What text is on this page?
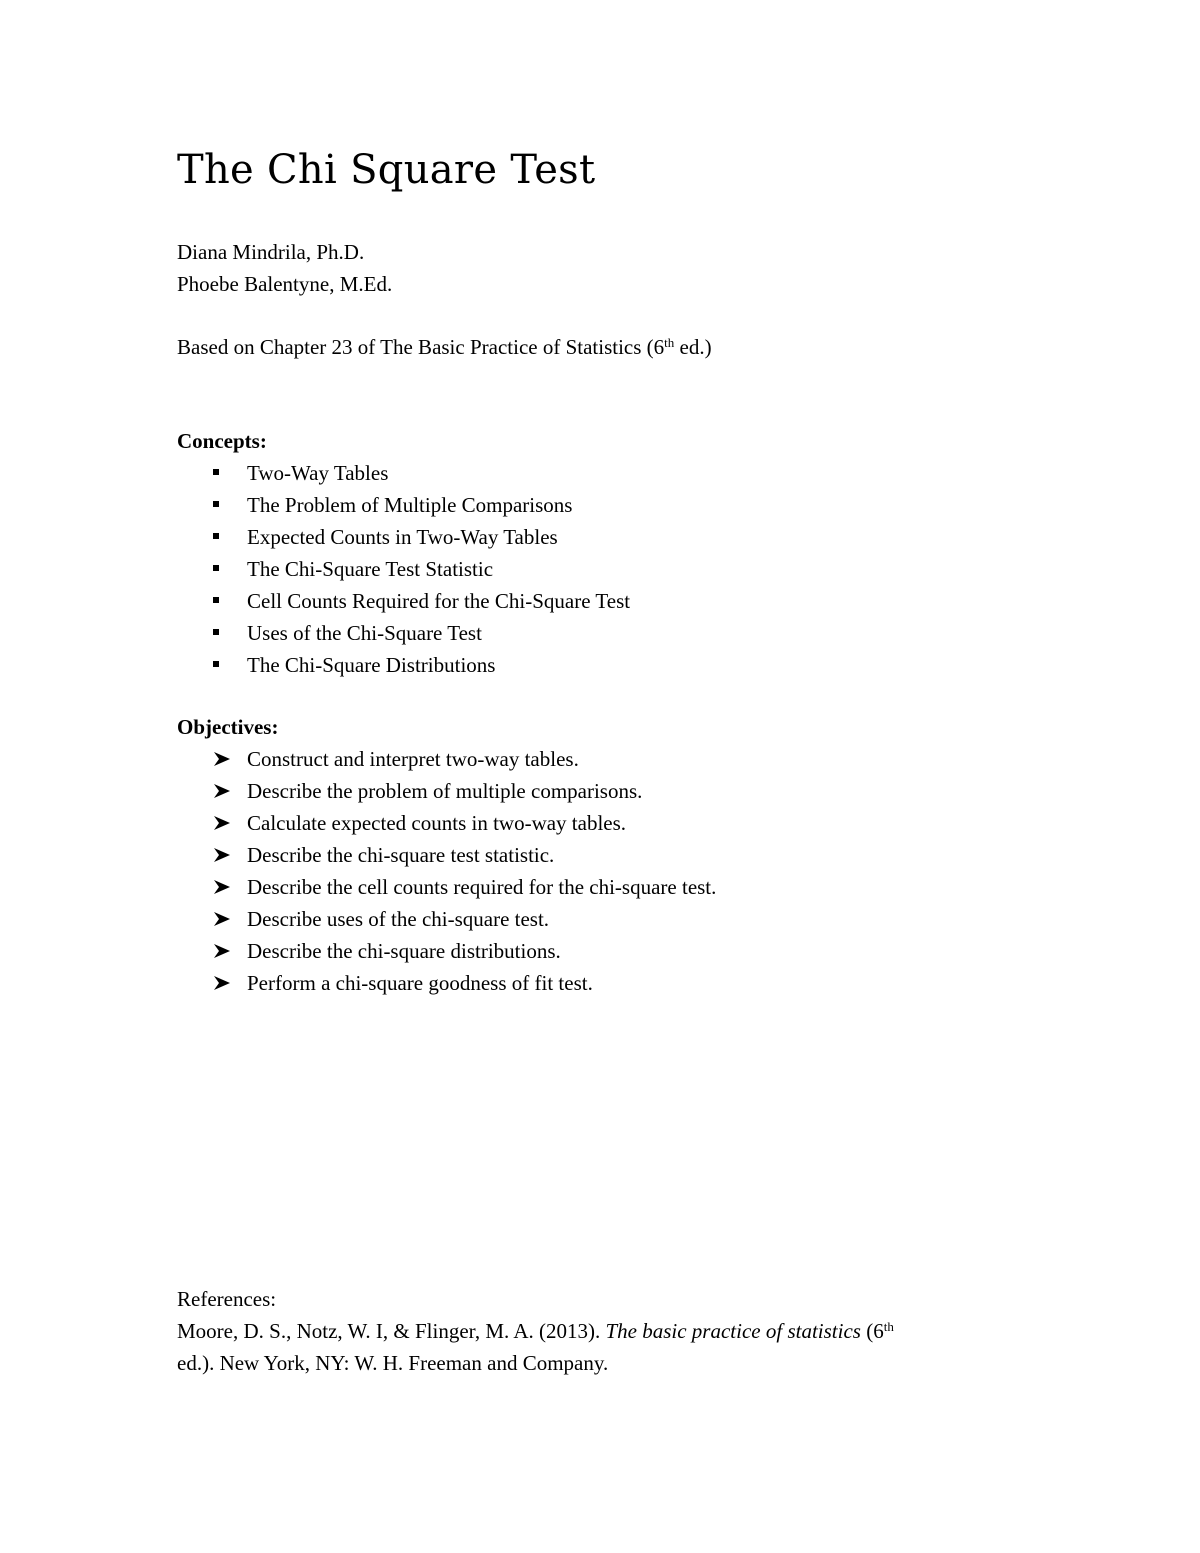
The Chi Square Test
Diana Mindrila, Ph.D.
Phoebe Balentyne, M.Ed.
Based on Chapter 23 of The Basic Practice of Statistics (6th ed.)
Concepts:
Two-Way Tables
The Problem of Multiple Comparisons
Expected Counts in Two-Way Tables
The Chi-Square Test Statistic
Cell Counts Required for the Chi-Square Test
Uses of the Chi-Square Test
The Chi-Square Distributions
Objectives:
Construct and interpret two-way tables.
Describe the problem of multiple comparisons.
Calculate expected counts in two-way tables.
Describe the chi-square test statistic.
Describe the cell counts required for the chi-square test.
Describe uses of the chi-square test.
Describe the chi-square distributions.
Perform a chi-square goodness of fit test.
References:
Moore, D. S., Notz, W. I, & Flinger, M. A. (2013). The basic practice of statistics (6th
ed.). New York, NY: W. H. Freeman and Company.
